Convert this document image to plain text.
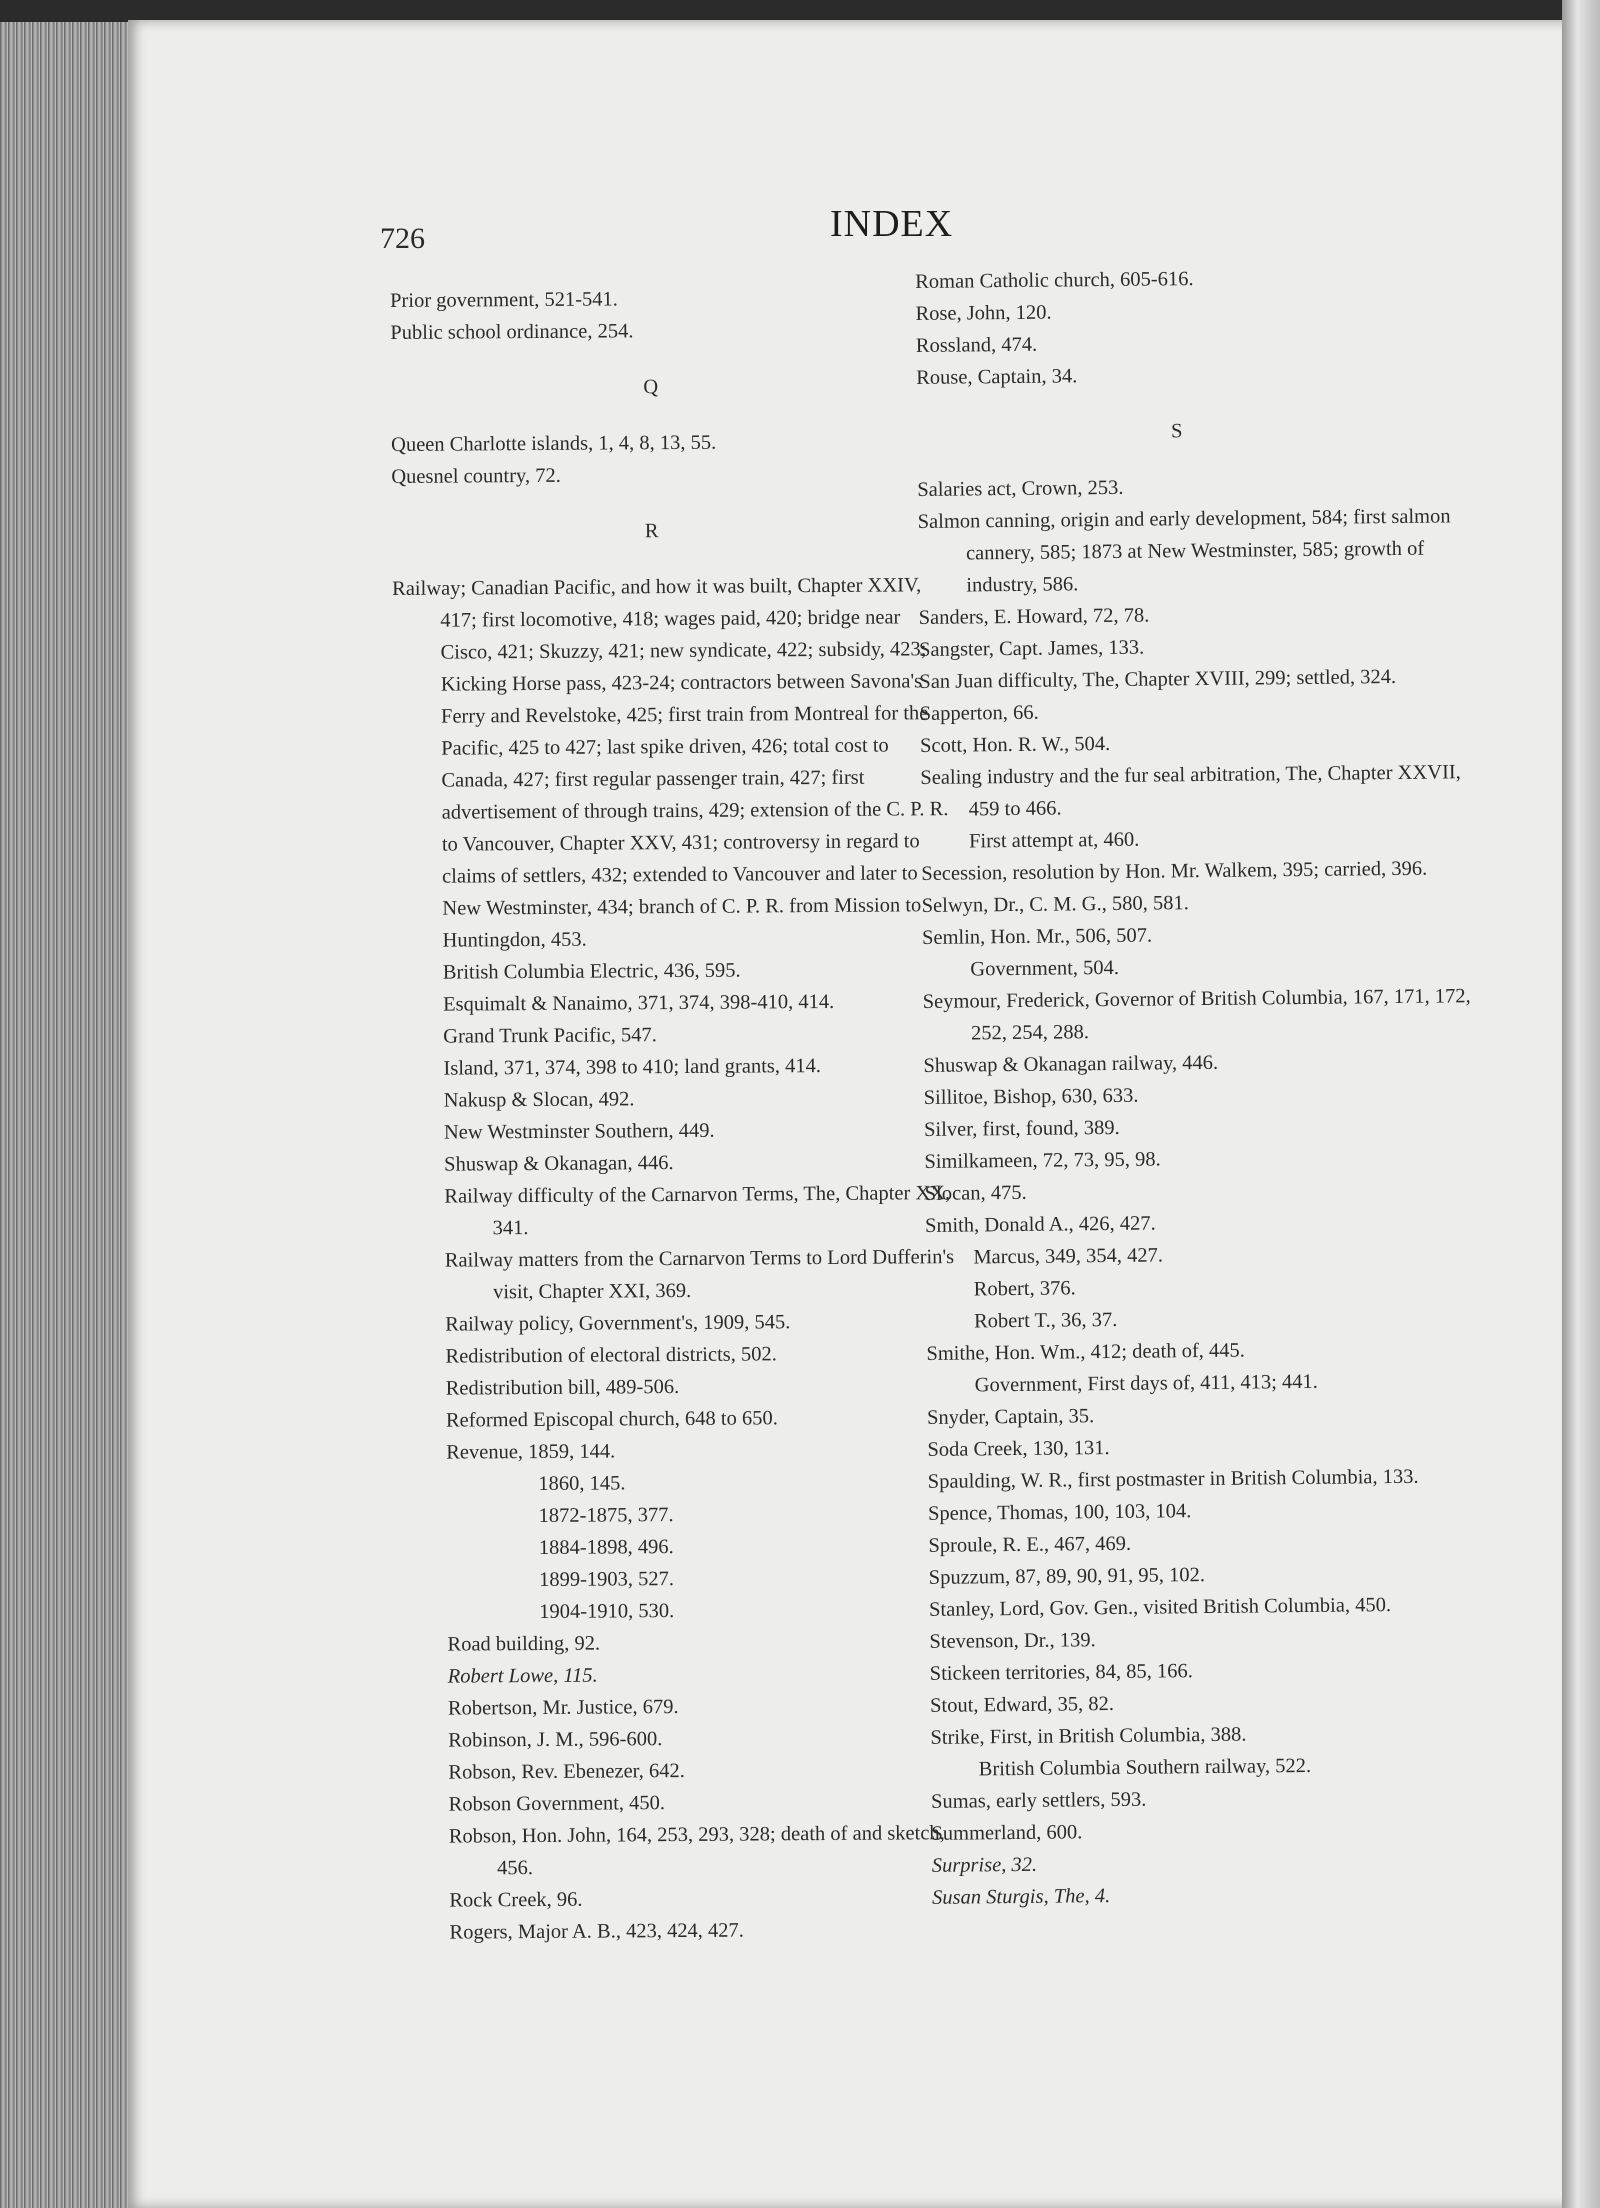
726	INDEX
Prior government, 521-541.
Public school ordinance, 254.
Q
Queen Charlotte islands, 1, 4, 8, 13, 55.
Quesnel country, 72.
R
Railway; Canadian Pacific, and how it was built, Chapter XXIV, 417; first locomotive, 418; wages paid, 420; bridge near Cisco, 421; Skuzzy, 421; new syndicate, 422; subsidy, 423; Kicking Horse pass, 423-24; contractors between Savona's Ferry and Revelstoke, 425; first train from Montreal for the Pacific, 425 to 427; last spike driven, 426; total cost to Canada, 427; first regular passenger train, 427; first advertisement of through trains, 429; extension of the C. P. R. to Vancouver, Chapter XXV, 431; controversy in regard to claims of settlers, 432; extended to Vancouver and later to New Westminster, 434; branch of C. P. R. from Mission to Huntingdon, 453.
British Columbia Electric, 436, 595.
Esquimalt & Nanaimo, 371, 374, 398-410, 414.
Grand Trunk Pacific, 547.
Island, 371, 374, 398 to 410; land grants, 414.
Nakusp & Slocan, 492.
New Westminster Southern, 449.
Shuswap & Okanagan, 446.
Railway difficulty of the Carnarvon Terms, The, Chapter XX, 341.
Railway matters from the Carnarvon Terms to Lord Dufferin's visit, Chapter XXI, 369.
Railway policy, Government's, 1909, 545.
Redistribution of electoral districts, 502.
Redistribution bill, 489-506.
Reformed Episcopal church, 648 to 650.
Revenue, 1859, 144.
1860, 145.
1872-1875, 377.
1884-1898, 496.
1899-1903, 527.
1904-1910, 530.
Road building, 92.
Robert Lowe, 115.
Robertson, Mr. Justice, 679.
Robinson, J. M., 596-600.
Robson, Rev. Ebenezer, 642.
Robson Government, 450.
Robson, Hon. John, 164, 253, 293, 328; death of and sketch, 456.
Rock Creek, 96.
Rogers, Major A. B., 423, 424, 427.
Roman Catholic church, 605-616.
Rose, John, 120.
Rossland, 474.
Rouse, Captain, 34.
S
Salaries act, Crown, 253.
Salmon canning, origin and early development, 584; first salmon cannery, 585; 1873 at New Westminster, 585; growth of industry, 586.
Sanders, E. Howard, 72, 78.
Sangster, Capt. James, 133.
San Juan difficulty, The, Chapter XVIII, 299; settled, 324.
Sapperton, 66.
Scott, Hon. R. W., 504.
Sealing industry and the fur seal arbitration, The, Chapter XXVII, 459 to 466.
First attempt at, 460.
Secession, resolution by Hon. Mr. Walkem, 395; carried, 396.
Selwyn, Dr., C. M. G., 580, 581.
Semlin, Hon. Mr., 506, 507.
Government, 504.
Seymour, Frederick, Governor of British Columbia, 167, 171, 172, 252, 254, 288.
Shuswap & Okanagan railway, 446.
Sillitoe, Bishop, 630, 633.
Silver, first, found, 389.
Similkameen, 72, 73, 95, 98.
Slocan, 475.
Smith, Donald A., 426, 427.
Marcus, 349, 354, 427.
Robert, 376.
Robert T., 36, 37.
Smithe, Hon. Wm., 412; death of, 445.
Government, First days of, 411, 413; 441.
Snyder, Captain, 35.
Soda Creek, 130, 131.
Spaulding, W. R., first postmaster in British Columbia, 133.
Spence, Thomas, 100, 103, 104.
Sproule, R. E., 467, 469.
Spuzzum, 87, 89, 90, 91, 95, 102.
Stanley, Lord, Gov. Gen., visited British Columbia, 450.
Stevenson, Dr., 139.
Stickeen territories, 84, 85, 166.
Stout, Edward, 35, 82.
Strike, First, in British Columbia, 388.
British Columbia Southern railway, 522.
Sumas, early settlers, 593.
Summerland, 600.
Surprise, 32.
Susan Sturgis, The, 4.
